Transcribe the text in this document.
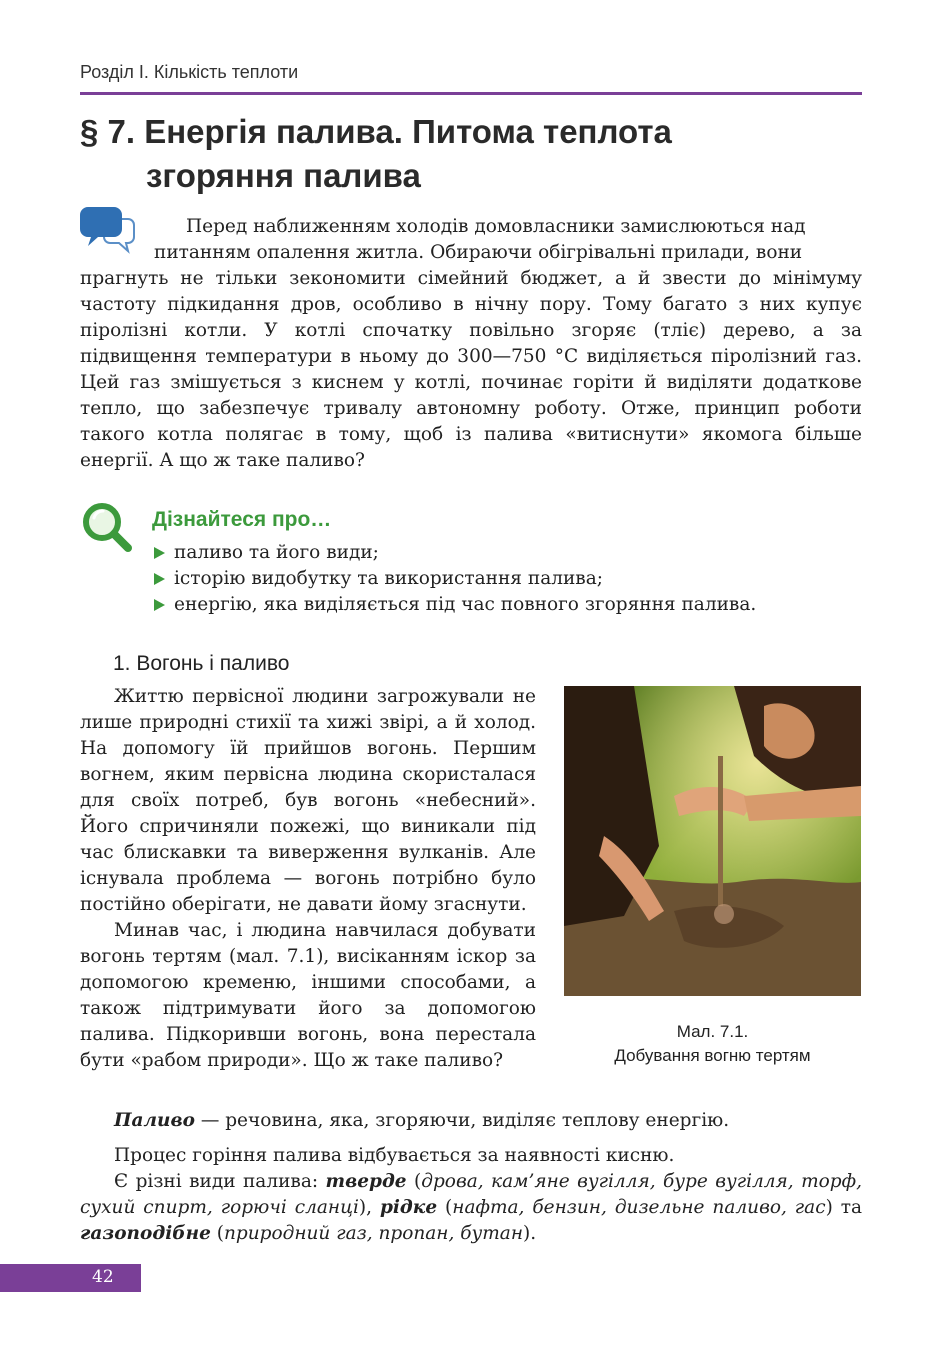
Розділ І. Кількість теплоти
§ 7. Енергія палива. Питома теплота
згоряння палива
Перед наближенням холодів домовласники замислюються над
питанням опалення житла. Обираючи обігрівальні прилади, вони
прагнуть не тільки зекономити сімейний бюджет, а й звести до мінімуму частоту підкидання дров, особливо в нічну пору. Тому багато з них купує піролізні котли. У котлі спочатку повільно згоряє (тліє) дерево, а за підвищення температури в ньому до 300—750 °С виділяється піролізний газ. Цей газ змішується з киснем у котлі, починає горіти й виділяти додаткове тепло, що забезпечує тривалу автономну роботу. Отже, принцип роботи такого котла полягає в тому, щоб із палива «витиснути» якомога більше енергії. А що ж таке паливо?
Дізнайтеся про…
паливо та його види;
історію видобутку та використання палива;
енергію, яка виділяється під час повного згоряння палива.
1. Вогонь і паливо

Життю первісної людини загрожували не лише природні стихії та хижі звірі, а й холод. На допомогу їй прийшов вогонь. Першим вогнем, яким первісна людина скористалася для своїх потреб, був вогонь «небесний». Його спричиняли пожежі, що виникали під час блискавки та виверження вулканів. Але існувала проблема — вогонь потрібно було постійно оберігати, не давати йому згаснути.

Минав час, і людина навчилася добувати вогонь тертям (мал. 7.1), висіканням іскор за допомогою кременю, іншими способами, а також підтримувати його за допомогою палива. Підкоривши вогонь, вона перестала бути «рабом природи». Що ж таке паливо?

Мал. 7.1.
Добування вогню тертям

Паливо — речовина, яка, згоряючи, виділяє теплову енергію.

Процес горіння палива відбувається за наявності кисню.

Є різні види палива: тверде (дрова, кам’яне вугілля, буре вугілля, торф, сухий спирт, горючі сланці), рідке (нафта, бензин, дизельне паливо, гас) та газоподібне (природний газ, пропан, бутан).

42
